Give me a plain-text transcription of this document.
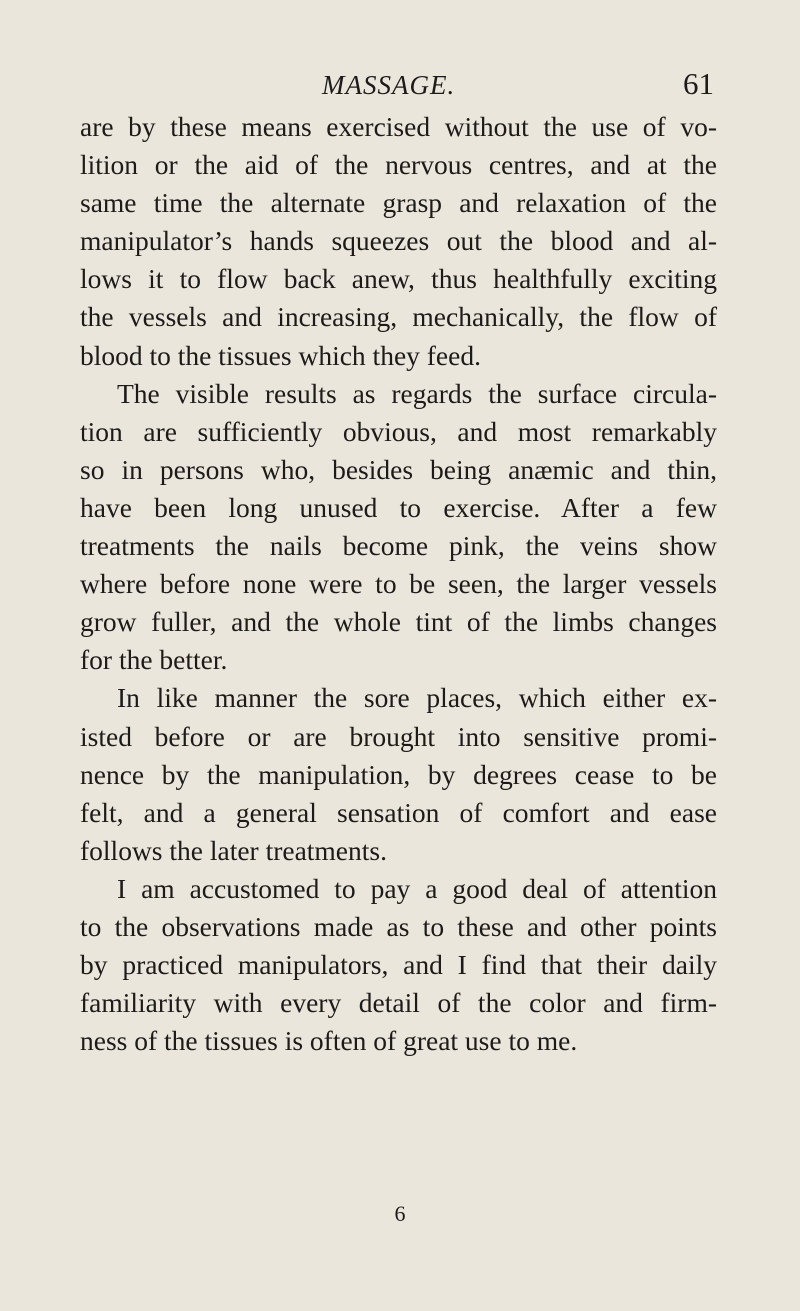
MASSAGE.	61
are by these means exercised without the use of vo-
lition or the aid of the nervous centres, and at the
same time the alternate grasp and relaxation of the
manipulator’s hands squeezes out the blood and al-
lows it to flow back anew, thus healthfully exciting
the vessels and increasing, mechanically, the flow of
blood to the tissues which they feed.
The visible results as regards the surface circula-
tion are sufficiently obvious, and most remarkably
so in persons who, besides being anæmic and thin,
have been long unused to exercise. After a few
treatments the nails become pink, the veins show
where before none were to be seen, the larger vessels
grow fuller, and the whole tint of the limbs changes
for the better.
In like manner the sore places, which either ex-
isted before or are brought into sensitive promi-
nence by the manipulation, by degrees cease to be
felt, and a general sensation of comfort and ease
follows the later treatments.
I am accustomed to pay a good deal of attention
to the observations made as to these and other points
by practiced manipulators, and I find that their daily
familiarity with every detail of the color and firm-
ness of the tissues is often of great use to me.
6
